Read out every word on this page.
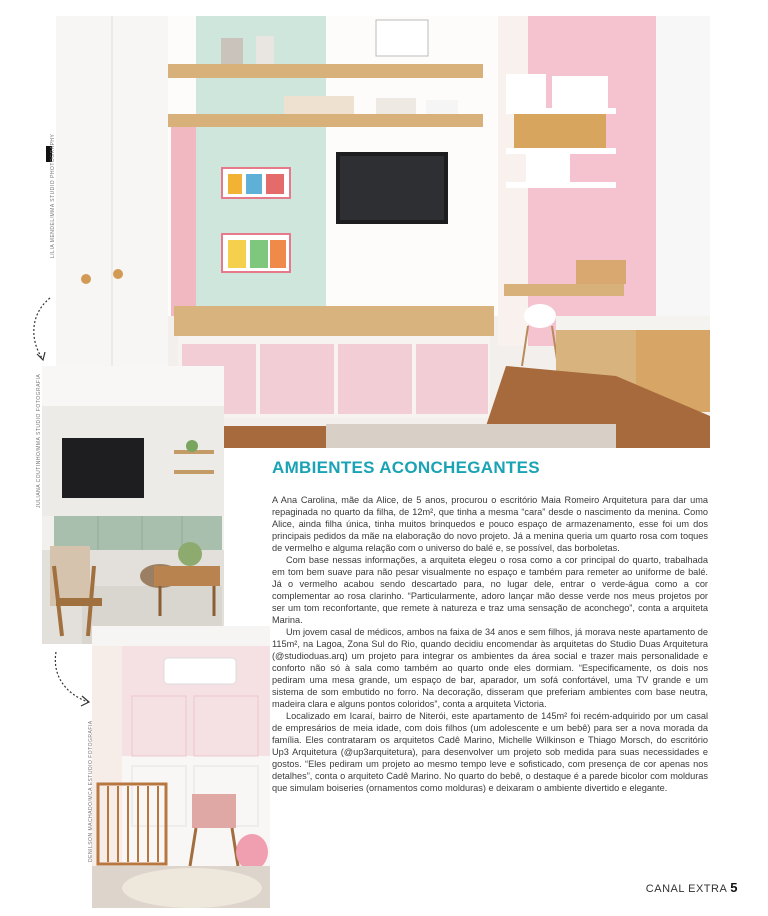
LILIA MENDEL/MMA STUDIO PHOTOGRAPHY
JULIANA COUTINHO/MMA STUDIO FOTOGRAFIA
DENILSON MACHADO/MCA ESTUDIO FOTOGRAFIA
AMBIENTES ACONCHEGANTES

A Ana Carolina, mãe da Alice, de 5 anos, procurou o escritório Maia Romeiro Arquitetura para dar uma repaginada no quarto da filha, de 12m², que tinha a mesma “cara” desde o nascimento da menina. Como Alice, ainda filha única, tinha muitos brinquedos e pouco espaço de armazenamento, esse foi um dos principais pedidos da mãe na elaboração do novo projeto. Já a menina queria um quarto rosa com toques de vermelho e alguma relação com o universo do balé e, se possível, das borboletas.

Com base nessas informações, a arquiteta elegeu o rosa como a cor principal do quarto, trabalhada em tom bem suave para não pesar visualmente no espaço e também para remeter ao uniforme de balé. Já o vermelho acabou sendo descartado para, no lugar dele, entrar o verde-água como a cor complementar ao rosa clarinho. “Particularmente, adoro lançar mão desse verde nos meus projetos por ser um tom reconfortante, que remete à natureza e traz uma sensação de aconchego”, conta a arquiteta Marina.

Um jovem casal de médicos, ambos na faixa de 34 anos e sem filhos, já morava neste apartamento de 115m², na Lagoa, Zona Sul do Rio, quando decidiu encomendar às arquitetas do Studio Duas Arquitetura (@studioduas.arq) um projeto para integrar os ambientes da área social e trazer mais personalidade e conforto não só à sala como também ao quarto onde eles dormiam. “Especificamente, os dois nos pediram uma mesa grande, um espaço de bar, aparador, um sofá confortável, uma TV grande e um sistema de som embutido no forro. Na decoração, disseram que preferiam ambientes com base neutra, madeira clara e alguns pontos coloridos”, conta a arquiteta Victoria.

Localizado em Icaraí, bairro de Niterói, este apartamento de 145m² foi recém-adquirido por um casal de empresários de meia idade, com dois filhos (um adolescente e um bebê) para ser a nova morada da família. Eles contrataram os arquitetos Cadê Marino, Michelle Wilkinson e Thiago Morsch, do escritório Up3 Arquitetura (@up3arquitetura), para desenvolver um projeto sob medida para suas necessidades e gostos. “Eles pediram um projeto ao mesmo tempo leve e sofisticado, com presença de cor apenas nos detalhes”, conta o arquiteto Cadê Marino. No quarto do bebê, o destaque é a parede bicolor com molduras que simulam boiseries (ornamentos como molduras) e deixaram o ambiente divertido e elegante.

CANAL EXTRA 5
